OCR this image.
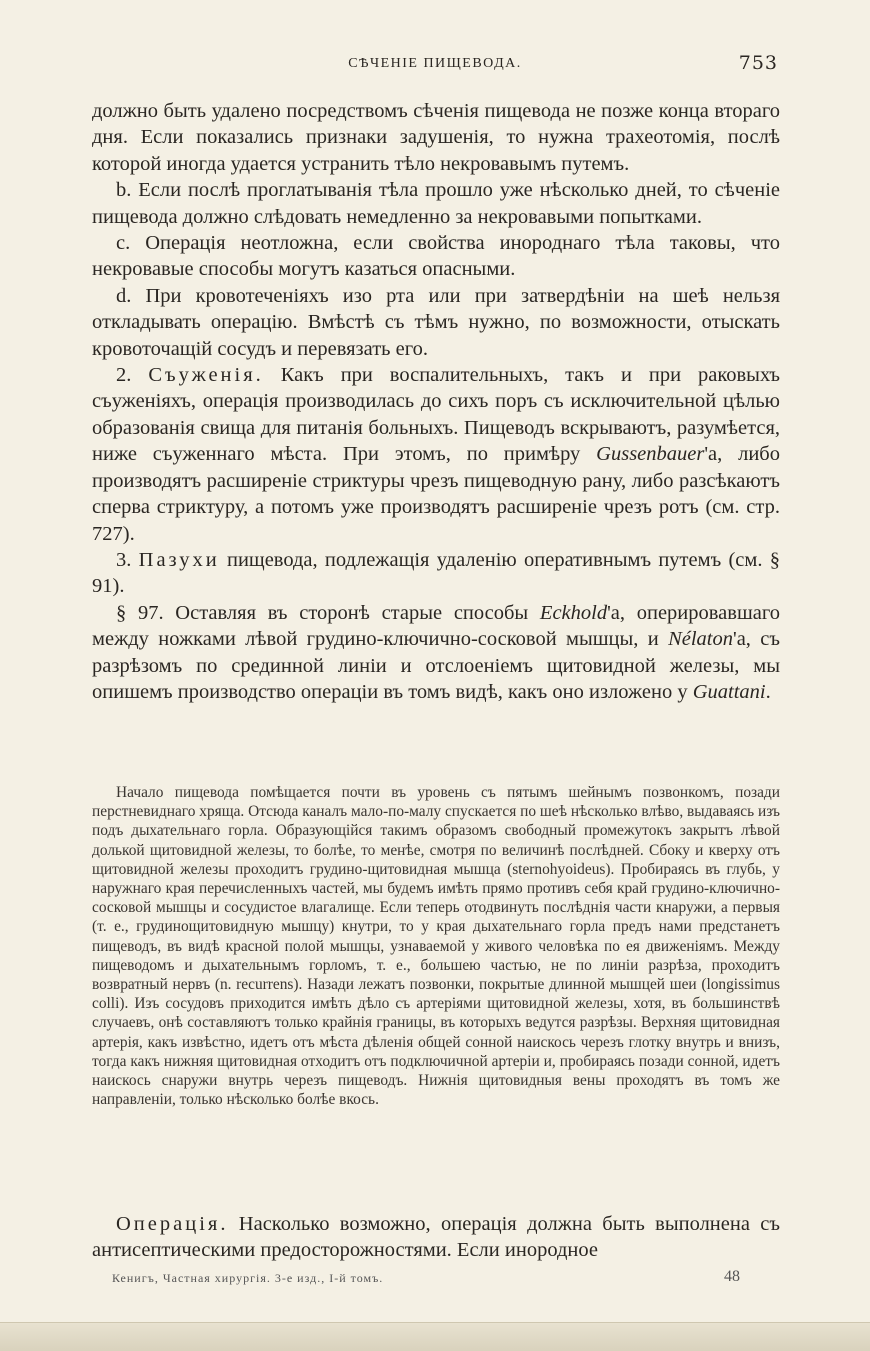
СѢЧЕНІЕ ПИЩЕВОДА.	753

должно быть удалено посредствомъ сѣченія пищевода не позже конца втораго дня. Если показались признаки задушенія, то нужна трахеотомія, послѣ которой иногда удается устранить тѣло некровавымъ путемъ.

b. Если послѣ проглатыванія тѣла прошло уже нѣсколько дней, то сѣченіе пищевода должно слѣдовать немедленно за некровавыми попытками.

c. Операція неотложна, если свойства инороднаго тѣла таковы, что некровавые способы могутъ казаться опасными.

d. При кровотеченіяхъ изо рта или при затвердѣніи на шеѣ нельзя откладывать операцію. Вмѣстѣ съ тѣмъ нужно, по возможности, отыскать кровоточащій сосудъ и перевязать его.

2. Съуженія. Какъ при воспалительныхъ, такъ и при раковыхъ съуженіяхъ, операція производилась до сихъ поръ съ исключительной цѣлью образованія свища для питанія больныхъ. Пищеводъ вскрываютъ, разумѣется, ниже съуженнаго мѣста. При этомъ, по примѣру Gussenbauer'а, либо производятъ расширеніе стриктуры чрезъ пищеводную рану, либо разсѣкаютъ сперва стриктуру, а потомъ уже производятъ расширеніе чрезъ ротъ (см. стр. 727).

3. Пазухи пищевода, подлежащія удаленію оперативнымъ путемъ (см. § 91).

§ 97. Оставляя въ сторонѣ старые способы Eckhold'а, оперировавшаго между ножками лѣвой грудино-ключично-сосковой мышцы, и Nélaton'а, съ разрѣзомъ по срединной линіи и отслоеніемъ щитовидной железы, мы опишемъ производство операціи въ томъ видѣ, какъ оно изложено у Guattani.

Начало пищевода помѣщается почти въ уровень съ пятымъ шейнымъ позвонкомъ, позади перстневиднаго хряща. Отсюда каналъ мало-по-малу спускается по шеѣ нѣсколько влѣво, выдаваясь изъ подъ дыхательнаго горла. Образующійся такимъ образомъ свободный промежутокъ закрытъ лѣвой долькой щитовидной железы, то болѣе, то менѣе, смотря по величинѣ послѣдней. Сбоку и кверху отъ щитовидной железы проходитъ грудино-щитовидная мышца (sternohyoideus). Пробираясь въ глубь, у наружнаго края перечисленныхъ частей, мы будемъ имѣть прямо противъ себя край грудино-ключично-сосковой мышцы и сосудистое влагалище. Если теперь отодвинуть послѣднія части кнаружи, а первыя (т. е., грудинощитовидную мышцу) кнутри, то у края дыхательнаго горла предъ нами предстанетъ пищеводъ, въ видѣ красной полой мышцы, узнаваемой у живого человѣка по ея движеніямъ. Между пищеводомъ и дыхательнымъ горломъ, т. е., большею частью, не по линіи разрѣза, проходитъ возвратный нервъ (n. recurrens). Назади лежатъ позвонки, покрытые длинной мышцей шеи (longissimus colli). Изъ сосудовъ приходится имѣть дѣло съ артеріями щитовидной железы, хотя, въ большинствѣ случаевъ, онѣ составляютъ только крайнія границы, въ которыхъ ведутся разрѣзы. Верхняя щитовидная артерія, какъ извѣстно, идетъ отъ мѣста дѣленія общей сонной наискось черезъ глотку внутрь и внизъ, тогда какъ нижняя щитовидная отходитъ отъ подключичной артеріи и, пробираясь позади сонной, идетъ наискось снаружи внутрь черезъ пищеводъ. Нижнія щитовидныя вены проходятъ въ томъ же направленіи, только нѣсколько болѣе вкось.

Операція. Насколько возможно, операція должна быть выполнена съ антисептическими предосторожностями. Если инородное

Кенигъ, Частная хирургія. 3-е изд., I-й томъ.	48
